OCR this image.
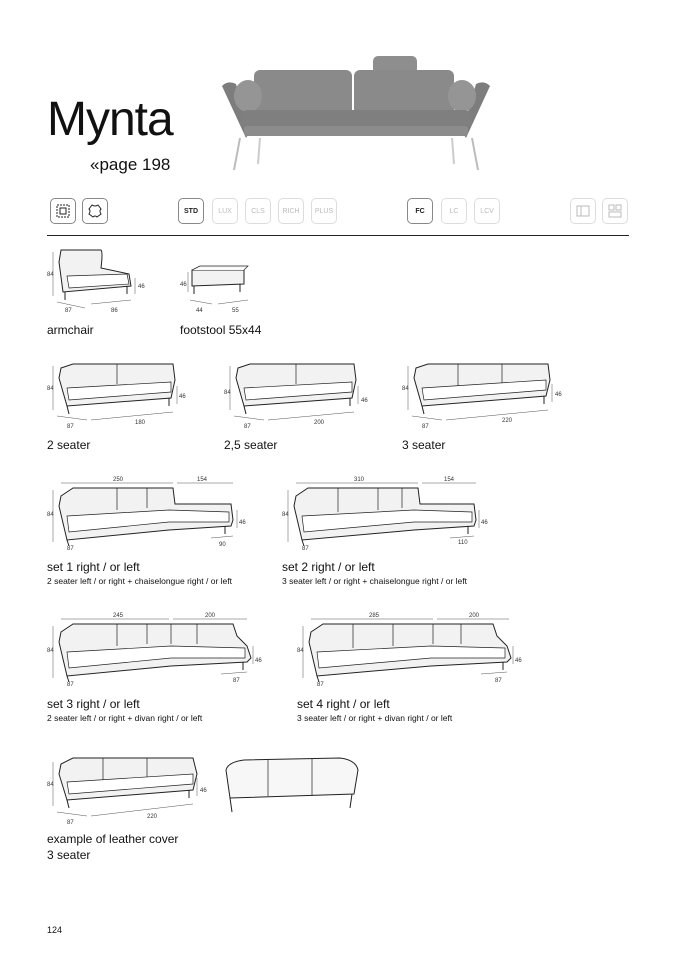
Mynta
«page 198
STD	LUX	CLS	RICH	PLUS	FC	LC	LCV
84
87	86
46
armchair
46
44	55
footstool 55x44
84
87
180
46
2 seater
84
87
200
46
2,5 seater
84
87
220
46
3 seater
250	154
84
46
87
90
set 1 right / or left
2 seater left / or right + chaiselongue right / or left
310	154
84
46
87
110
set 2 right / or left
3 seater left / or right + chaiselongue right / or left
245	200
84
46
87
87
set 3 right / or left
2 seater left / or right + divan right / or left
285	200
84
46
87
87
set 4 right / or left
3 seater left / or right + divan right / or left
84
87
220
46
example of leather cover
3 seater
124
